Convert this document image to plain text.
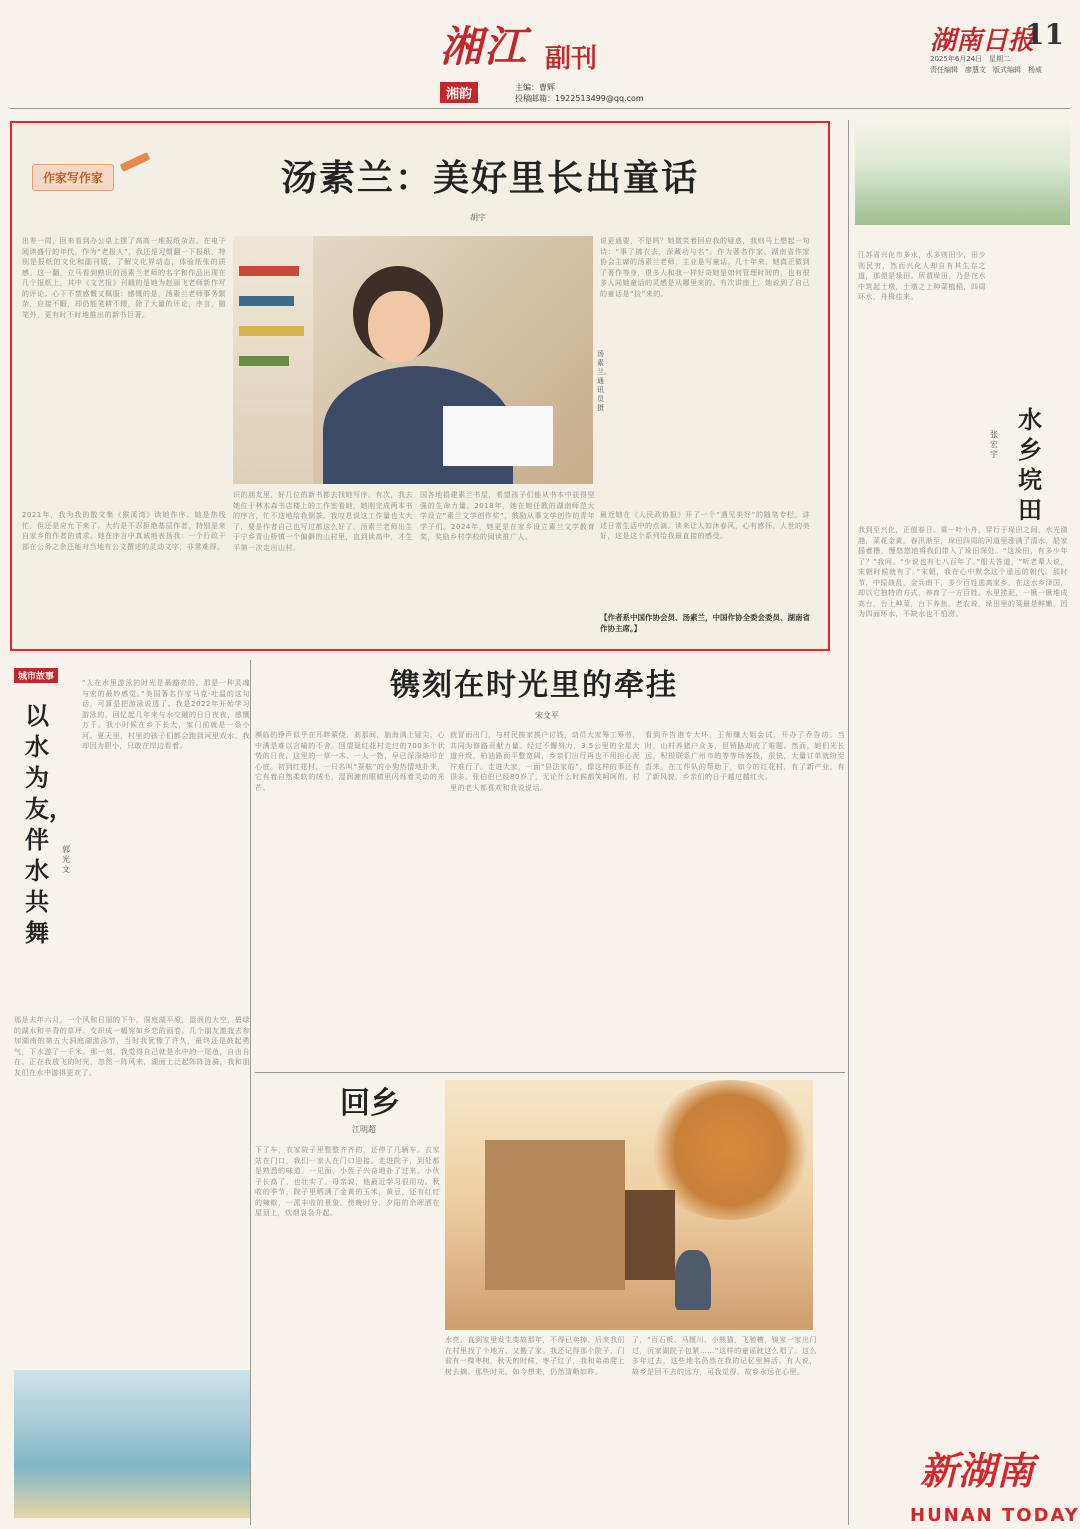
湘江 副刊
湘韵	主编：曹辉
投稿邮箱：1922513499@qq.com
湖南日报
11
2025年6月24日　星期二
责任编辑　廖慧文　版式编辑　杨威
作家写作家	汤素兰：美好里长出童话
胡宇
出差一周，回来看到办公桌上摆了高高一堆报纸杂志。在电子阅读盛行的年代，作为“老报人”，我还是习惯翻一下报纸，特别是报纸的文化和副刊版，了解文化界动态，体验纸张的质感。这一翻，立马看到熟识的汤素兰老师的名字和作品出现在几个报纸上，其中《文艺报》刊载的是她为赵丽飞老师新作写的评论。心下不禁感慨又佩服：感慨的是，汤素兰老师事务繁杂，应接不暇，却仍能笔耕不辍，除了大量的评论，序言，随笔外，更有时不时地推出的新书巨著。
2021年，我为我的散文集《猴溪湾》读她作序。她是热线忙，但还是应允下来了，大约是不忍拒绝基层作者，特别是来自家乡的作者的请求。她在序言中真诚地表扬我：一个行政干部在公务之余还能对当地有公文撰述的灵动文字，非常难得。
识的朋友里，好几位的新书都去找她写序。有次，我去她位于林木森书店楼上的工作室看她，她刚完成两本书的序言，忙不迭地给我倒茶。我叹息说这工作量也太大了，要是作者自己也写过都这么好了。汤素兰老师出生于宁乡青山桥镇一个偏僻的山村里，直到读高中，才生平第一次走出山村。
国各地捐建素兰书屋，希望孩子们能从书本中获得坚强的生命力量。2018年，她在她任教的湖南师范大学设立“素兰文学创作奖”，鼓励从事文学创作的青年学子们。2024年，她更是在家乡设立素兰文学教育奖，奖励乡村学校的阅读推广人。
说更通要，不是吗？她微笑着回应我的疑惑，我则马上想起一句诗：“事了拂衣去，深藏功与名”。作为著名作家、湖南省作家协会主席的汤素兰老师，主业是写童话。几十年来，她真正做到了著作等身，很多人和我一样好奇她是如何管理时间的，也有很多人同她童话的灵感是从哪里来的。有次讲座上，她说到了自己的童话是“捡”来的。
最近她在《人民政协报》开了一个“遇见美好”的随笔专栏，讲述日常生活中的点滴。读来让人如沐春风，心有感怀。人世的美好，这是这个系列给我最直接的感受。
【作者系中国作协会员、汤素兰，中国作协全委会委员、湖南省作协主席。】
汤素兰。通讯员 摄	水乡垸田
张宏宇
江苏省兴化市多水，水多则田少，田少则民穷，然而兴化人却自有其生存之道，那便是垛田。所谓垛田，乃是在水中筑起土墩，土墩之上种菜植稻，四周环水，舟楫往来。
我到至兴化，正值春日。乘一叶小舟，穿行于垛田之间，水光潋滟，菜花金黄。春汛渐至，垛田四周的河道里涨满了清水，船家摇着橹，慢悠悠地将我们带入了垛田深处。“这垛田，有多少年了？”我问。“少说也有七八百年了。”船夫答道，“听老辈人说，宋朝时候就有了。”宋朝，我在心中默念这个遥远的朝代。那时节，中原战乱，金兵南下，多少百姓逃离家乡，在这水乡泽国，却以它独特的方式，养育了一方百姓。水里捞泥，一锹一锹堆成高台，台上种菜，台下养鱼。老农说，垛田里的菜最是鲜嫩，因为四面环水，不缺水也不怕涝。
镌刻在时光里的牵挂
宋文平
濒临的铮声似乎在耳畔萦绕，刹那间，脑海满上疑尖，心中满是难以言喻的不舍。回望诞红花村走过的700多个状势的日夜，这里的一草一木、一人一物，早已深深烙印在心底。初到红花村，一只名叫“蚕舷”的小狗热情地扑来，它有着自然柔软的绒毛，湿润漉的眼睛里闪烁着灵动的光芒。
就冒雨出门，与村民挨家挨户讨钱，动员大家筹工筹劳，共同为修路贡献力量。经过不懈努力，3.5公里的全星大道升级，柏油路面平整宽阔，乡亲们出行再也不用担心泥泞难行了。走进大家，一面“县法家的”，像这样的事还有很多。张伯伯已经80岁了，无论什么时候都笑呵呵的，村里的老人都喜欢和我说说话。
看到乔告港专大坏，王师赚大姐会试，开办了乔告坊。当时，山村养猪户众多，但销路却成了难题。然而，她们光长远，积极联系广州市的等等场客栈，很快，大量订单就纷至沓来。在工作队的帮助下，如今的红花村，有了新产业，有了新风貌，乡亲们的日子越过越红火。
城市故事
以水为友，伴水共舞
郭光文
“人在水里游泳的时光是最豁亮的，那是一种灵魂与宏的最妙感觉。”美国著名作家马克·吐温的这句话，可算是把游泳说透了。我是2022年开始学习游泳的，回忆起几年来与水交融的日日夜夜，感慨万千。我小时候在乡下长大，家门前就是一条小河。夏天里，村里的孩子们都会跑到河里戏水，我却因为胆小，只敢在岸边看着。
那是去年六月，一个风和日丽的下午，洞庭湖平原，湿润的大空，碧绿的湖水和辛青的草坪。交织成一幅宛如乡恋的画卷。几个朋友邀我去参加湖南的第五大洞庭湖游泳节，当时我犹豫了许久，最终还是鼓起勇气，下水游了一千米。那一刻，我觉得自己就是水中的一尾鱼，自由自在。正在我放飞的时光，忽然一阵风来，湖面上泛起阵阵涟漪，我和朋友们在水中游得更欢了。
回乡
江明超
下了车，衣家院子里整整齐齐的，还停了几辆车。衣家站在门口，我们一家人在门口迎接。走进院子，到处都是熟悉的味道。一见面，小侄子兴奋地扑了过来。小伙子长高了，也壮实了。母亲说，他最近学习很用功。秋收的季节，院子里晒满了金黄的玉米，黄豆，还有红红的辣椒，一派丰收的景象。傍晚时分，夕阳的余晖洒在屋顶上，炊烟袅袅升起。
水亮，直到家里发生变故那年，不得已卖掉。后来我们在村里找了个地方，又搬了家。我还记得那个院子，门前有一棵枣树，秋天的时候，枣子红了，我和弟弟爬上树去摘。那些时光，如今想来，仍然清晰如昨。
了，“百石板、马厩川、小熊猫，飞驰槽，镜家一家出门过，沉家湖院子包紧……”这样的童谣就这么唱了。这么多年过去，这些地名仍然在我的记忆里鲜活。有人说，故乡是回不去的远方，可我觉得，故乡永远在心里。
新湖南
HUNAN TODAY
